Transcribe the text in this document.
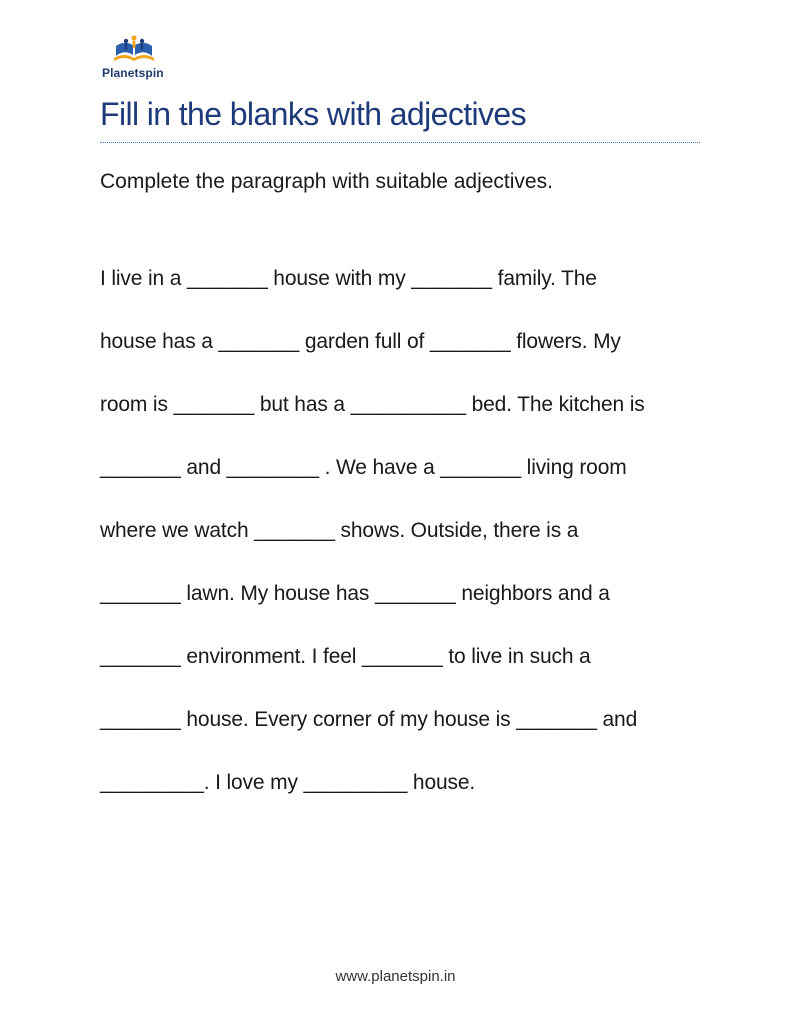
Planetspin
Fill in the blanks with adjectives
Complete the paragraph with suitable adjectives.
I live in a _______ house with my _______ family. The
house has a _______ garden full of _______ flowers. My
room is _______ but has a __________ bed. The kitchen is
_______ and ________ . We have a _______ living room
where we watch _______ shows. Outside, there is a
_______ lawn. My house has _______ neighbors and a
_______ environment. I feel _______ to live in such a
_______ house. Every corner of my house is _______ and
_________. I love my _________ house.
www.planetspin.in
